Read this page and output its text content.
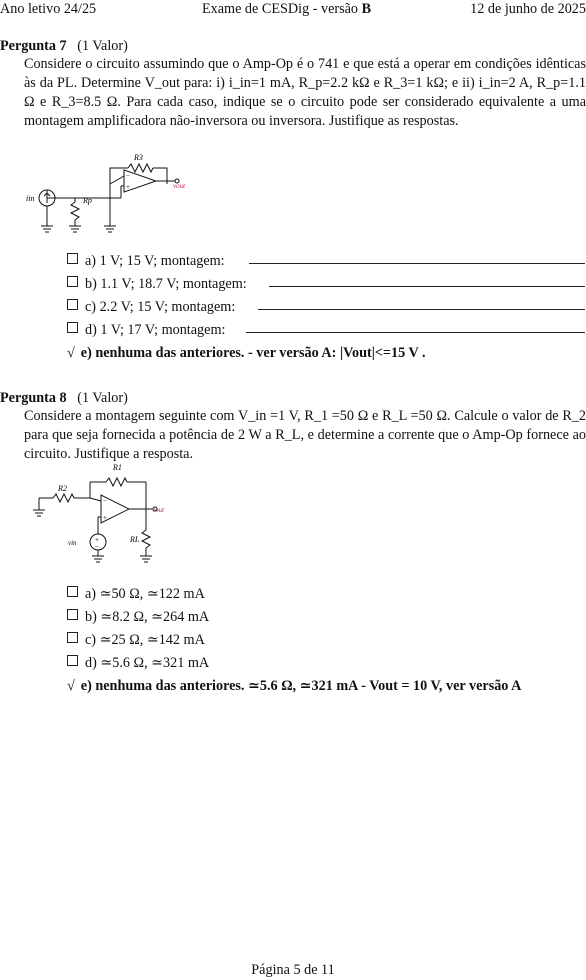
Ano letivo 24/25	Exame de CESDig - versão B	12 de junho de 2025
Pergunta 7 (1 Valor)

Considere o circuito assumindo que o Amp-Op é o 741 e que está a operar em condições idênticas às da PL. Determine V_out para: i) i_in=1 mA, R_p=2.2 kΩ e R_3=1 kΩ; e ii) i_in=2 A, R_p=1.1 Ω e R_3=8.5 Ω. Para cada caso, indique se o circuito pode ser considerado equivalente a uma montagem amplificadora não-inversora ou inversora. Justifique as respostas.

R3
−
+
iin	Rp
vout
a) 1 V; 15 V; montagem:
b) 1.1 V; 18.7 V; montagem:
c) 2.2 V; 15 V; montagem:
d) 1 V; 17 V; montagem:
√ e) nenhuma das anteriores. - ver versão A: |Vout|<=15 V .
Pergunta 8 (1 Valor)

Considere a montagem seguinte com V_in =1 V, R_1 =50 Ω e R_L =50 Ω. Calcule o valor de R_2 para que seja fornecida a potência de 2 W a R_L, e determine a corrente que o Amp-Op fornece ao circuito. Justifique a resposta.

+
−
−
+
R1
R2
vin	RL
vout
a) ≃50 Ω, ≃122 mA
b) ≃8.2 Ω, ≃264 mA
c) ≃25 Ω, ≃142 mA
d) ≃5.6 Ω, ≃321 mA
√ e) nenhuma das anteriores. ≃5.6 Ω, ≃321 mA - Vout = 10 V, ver versão A
Página 5 de 11
